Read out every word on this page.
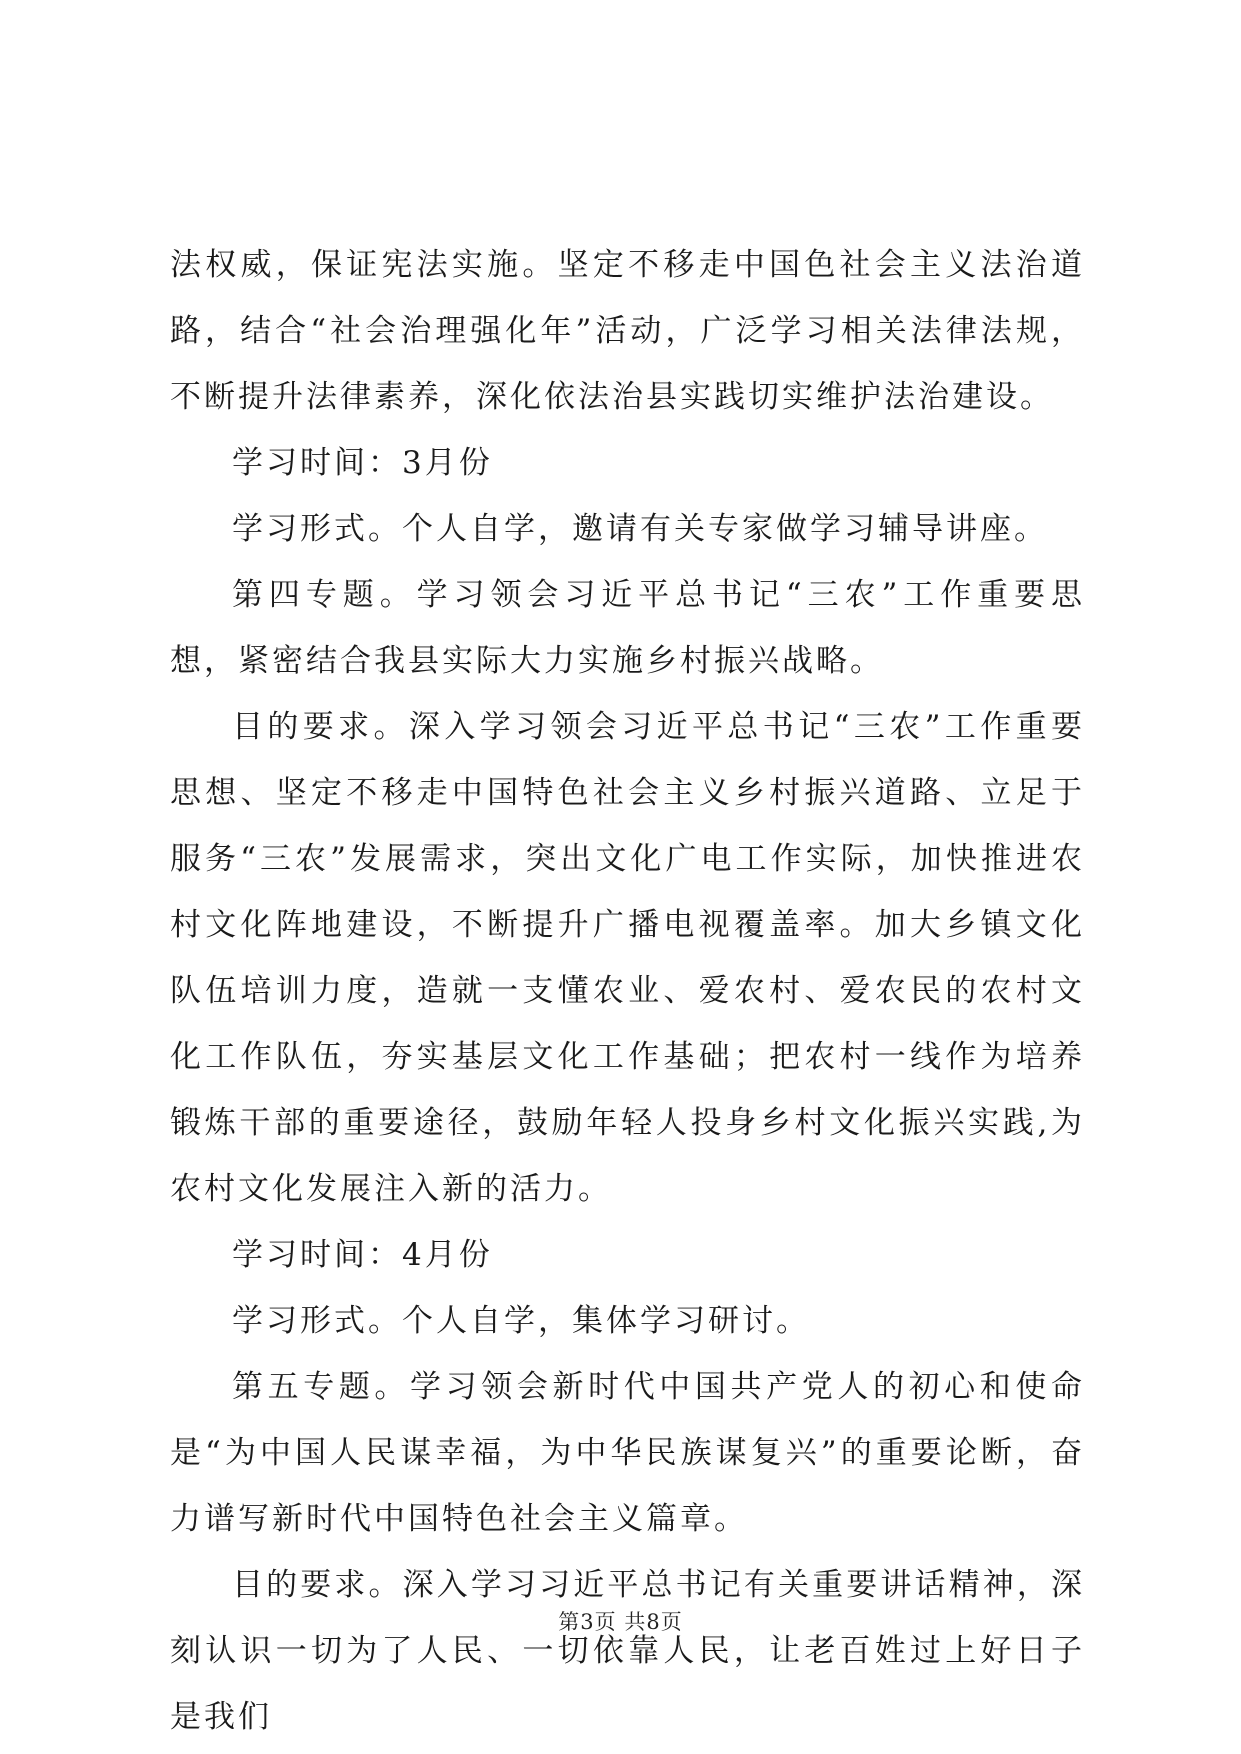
法权威，保证宪法实施。坚定不移走中国色社会主义法治道路，结合“社会治理强化年”活动，广泛学习相关法律法规，不断提升法律素养，深化依法治县实践切实维护法治建设。

学习时间：3月份

学习形式。个人自学，邀请有关专家做学习辅导讲座。

第四专题。学习领会习近平总书记“三农”工作重要思想，紧密结合我县实际大力实施乡村振兴战略。

目的要求。深入学习领会习近平总书记“三农”工作重要思想、坚定不移走中国特色社会主义乡村振兴道路、立足于服务“三农”发展需求，突出文化广电工作实际，加快推进农村文化阵地建设，不断提升广播电视覆盖率。加大乡镇文化队伍培训力度，造就一支懂农业、爱农村、爱农民的农村文化工作队伍，夯实基层文化工作基础；把农村一线作为培养锻炼干部的重要途径，鼓励年轻人投身乡村文化振兴实践,为农村文化发展注入新的活力。

学习时间：4月份

学习形式。个人自学，集体学习研讨。

第五专题。学习领会新时代中国共产党人的初心和使命是“为中国人民谋幸福，为中华民族谋复兴”的重要论断，奋力谱写新时代中国特色社会主义篇章。

目的要求。深入学习习近平总书记有关重要讲话精神，深刻认识一切为了人民、一切依靠人民，让老百姓过上好日子是我们

第3页 共8页
